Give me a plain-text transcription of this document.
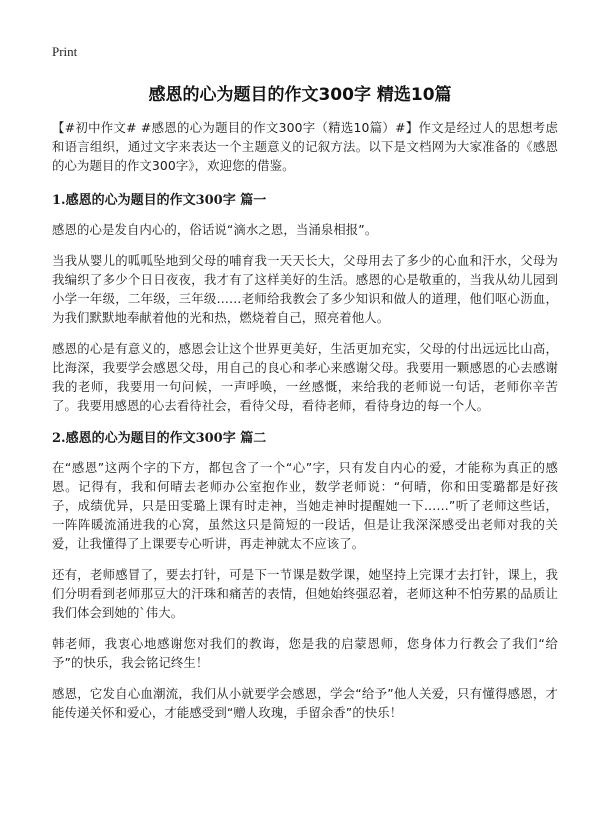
Print
感恩的心为题目的作文300字 精选10篇

【#初中作文# #感恩的心为题目的作文300字（精选10篇）#】作文是经过人的思想考虑和语言组织，通过文字来表达一个主题意义的记叙方法。以下是文档网为大家准备的《感恩的心为题目的作文300字》，欢迎您的借鉴。

1.感恩的心为题目的作文300字 篇一

感恩的心是发自内心的，俗话说“滴水之恩，当涌泉相报”。

当我从婴儿的呱呱坠地到父母的哺育我一天天长大，父母用去了多少的心血和汗水，父母为我编织了多少个日日夜夜，我才有了这样美好的生活。感恩的心是敬重的，当我从幼儿园到小学一年级，二年级，三年级……老师给我教会了多少知识和做人的道理，他们呕心沥血，为我们默默地奉献着他的光和热，燃烧着自己，照亮着他人。

感恩的心是有意义的，感恩会让这个世界更美好，生活更加充实，父母的付出远远比山高，比海深，我要学会感恩父母，用自己的良心和孝心来感谢父母。我要用一颗感恩的心去感谢我的老师，我要用一句问候，一声呼唤，一丝感慨，来给我的老师说一句话，老师你辛苦了。我要用感恩的心去看待社会，看待父母，看待老师，看待身边的每一个人。

2.感恩的心为题目的作文300字 篇二

在“感恩”这两个字的下方，都包含了一个“心”字，只有发自内心的爱，才能称为真正的感恩。记得有，我和何晴去老师办公室抱作业，数学老师说：“何晴，你和田雯璐都是好孩子，成绩优异，只是田雯璐上课有时走神，当她走神时提醒她一下……”听了老师这些话，一阵阵暖流涌进我的心窝，虽然这只是简短的一段话，但是让我深深感受出老师对我的关爱，让我懂得了上课要专心听讲，再走神就太不应该了。

还有，老师感冒了，要去打针，可是下一节课是数学课，她坚持上完课才去打针，课上，我们分明看到老师那豆大的汗珠和痛苦的表情，但她始终强忍着，老师这种不怕劳累的品质让我们体会到她的`伟大。

韩老师，我衷心地感谢您对我们的教诲，您是我的启蒙恩师，您身体力行教会了我们“给予”的快乐，我会铭记终生！

感恩，它发自心血潮流，我们从小就要学会感恩，学会“给予”他人关爱，只有懂得感恩，才能传递关怀和爱心，才能感受到“赠人玫瑰，手留余香”的快乐！
